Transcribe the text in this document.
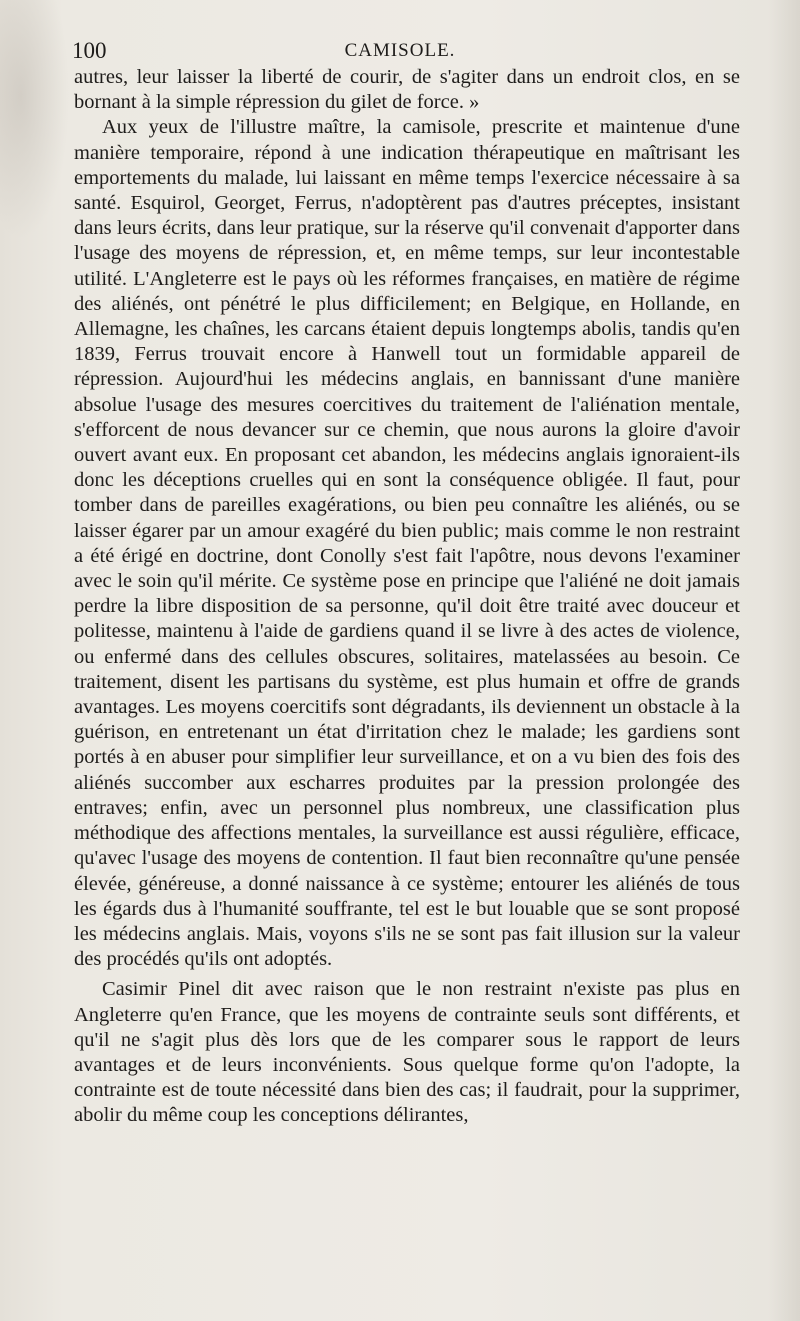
100	CAMISOLE.

autres, leur laisser la liberté de courir, de s'agiter dans un endroit clos, en se bornant à la simple répression du gilet de force. »

Aux yeux de l'illustre maître, la camisole, prescrite et maintenue d'une manière temporaire, répond à une indication thérapeutique en maîtrisant les emportements du malade, lui laissant en même temps l'exercice nécessaire à sa santé. Esquirol, Georget, Ferrus, n'adoptèrent pas d'autres préceptes, insistant dans leurs écrits, dans leur pratique, sur la réserve qu'il convenait d'apporter dans l'usage des moyens de répression, et, en même temps, sur leur incontestable utilité. L'Angleterre est le pays où les réformes françaises, en matière de régime des aliénés, ont pénétré le plus difficilement; en Belgique, en Hollande, en Allemagne, les chaînes, les carcans étaient depuis longtemps abolis, tandis qu'en 1839, Ferrus trouvait encore à Hanwell tout un formidable appareil de répression. Aujourd'hui les médecins anglais, en bannissant d'une manière absolue l'usage des mesures coercitives du traitement de l'aliénation mentale, s'efforcent de nous devancer sur ce chemin, que nous aurons la gloire d'avoir ouvert avant eux. En proposant cet abandon, les médecins anglais ignoraient-ils donc les déceptions cruelles qui en sont la conséquence obligée. Il faut, pour tomber dans de pareilles exagérations, ou bien peu connaître les aliénés, ou se laisser égarer par un amour exagéré du bien public; mais comme le non restraint a été érigé en doctrine, dont Conolly s'est fait l'apôtre, nous devons l'examiner avec le soin qu'il mérite. Ce système pose en principe que l'aliéné ne doit jamais perdre la libre disposition de sa personne, qu'il doit être traité avec douceur et politesse, maintenu à l'aide de gardiens quand il se livre à des actes de violence, ou enfermé dans des cellules obscures, solitaires, matelassées au besoin. Ce traitement, disent les partisans du système, est plus humain et offre de grands avantages. Les moyens coercitifs sont dégradants, ils deviennent un obstacle à la guérison, en entretenant un état d'irritation chez le malade; les gardiens sont portés à en abuser pour simplifier leur surveillance, et on a vu bien des fois des aliénés succomber aux escharres produites par la pression prolongée des entraves; enfin, avec un personnel plus nombreux, une classification plus méthodique des affections mentales, la surveillance est aussi régulière, efficace, qu'avec l'usage des moyens de contention. Il faut bien reconnaître qu'une pensée élevée, généreuse, a donné naissance à ce système; entourer les aliénés de tous les égards dus à l'humanité souffrante, tel est le but louable que se sont proposé les médecins anglais. Mais, voyons s'ils ne se sont pas fait illusion sur la valeur des procédés qu'ils ont adoptés.

Casimir Pinel dit avec raison que le non restraint n'existe pas plus en Angleterre qu'en France, que les moyens de contrainte seuls sont différents, et qu'il ne s'agit plus dès lors que de les comparer sous le rapport de leurs avantages et de leurs inconvénients. Sous quelque forme qu'on l'adopte, la contrainte est de toute nécessité dans bien des cas; il faudrait, pour la supprimer, abolir du même coup les conceptions délirantes,
